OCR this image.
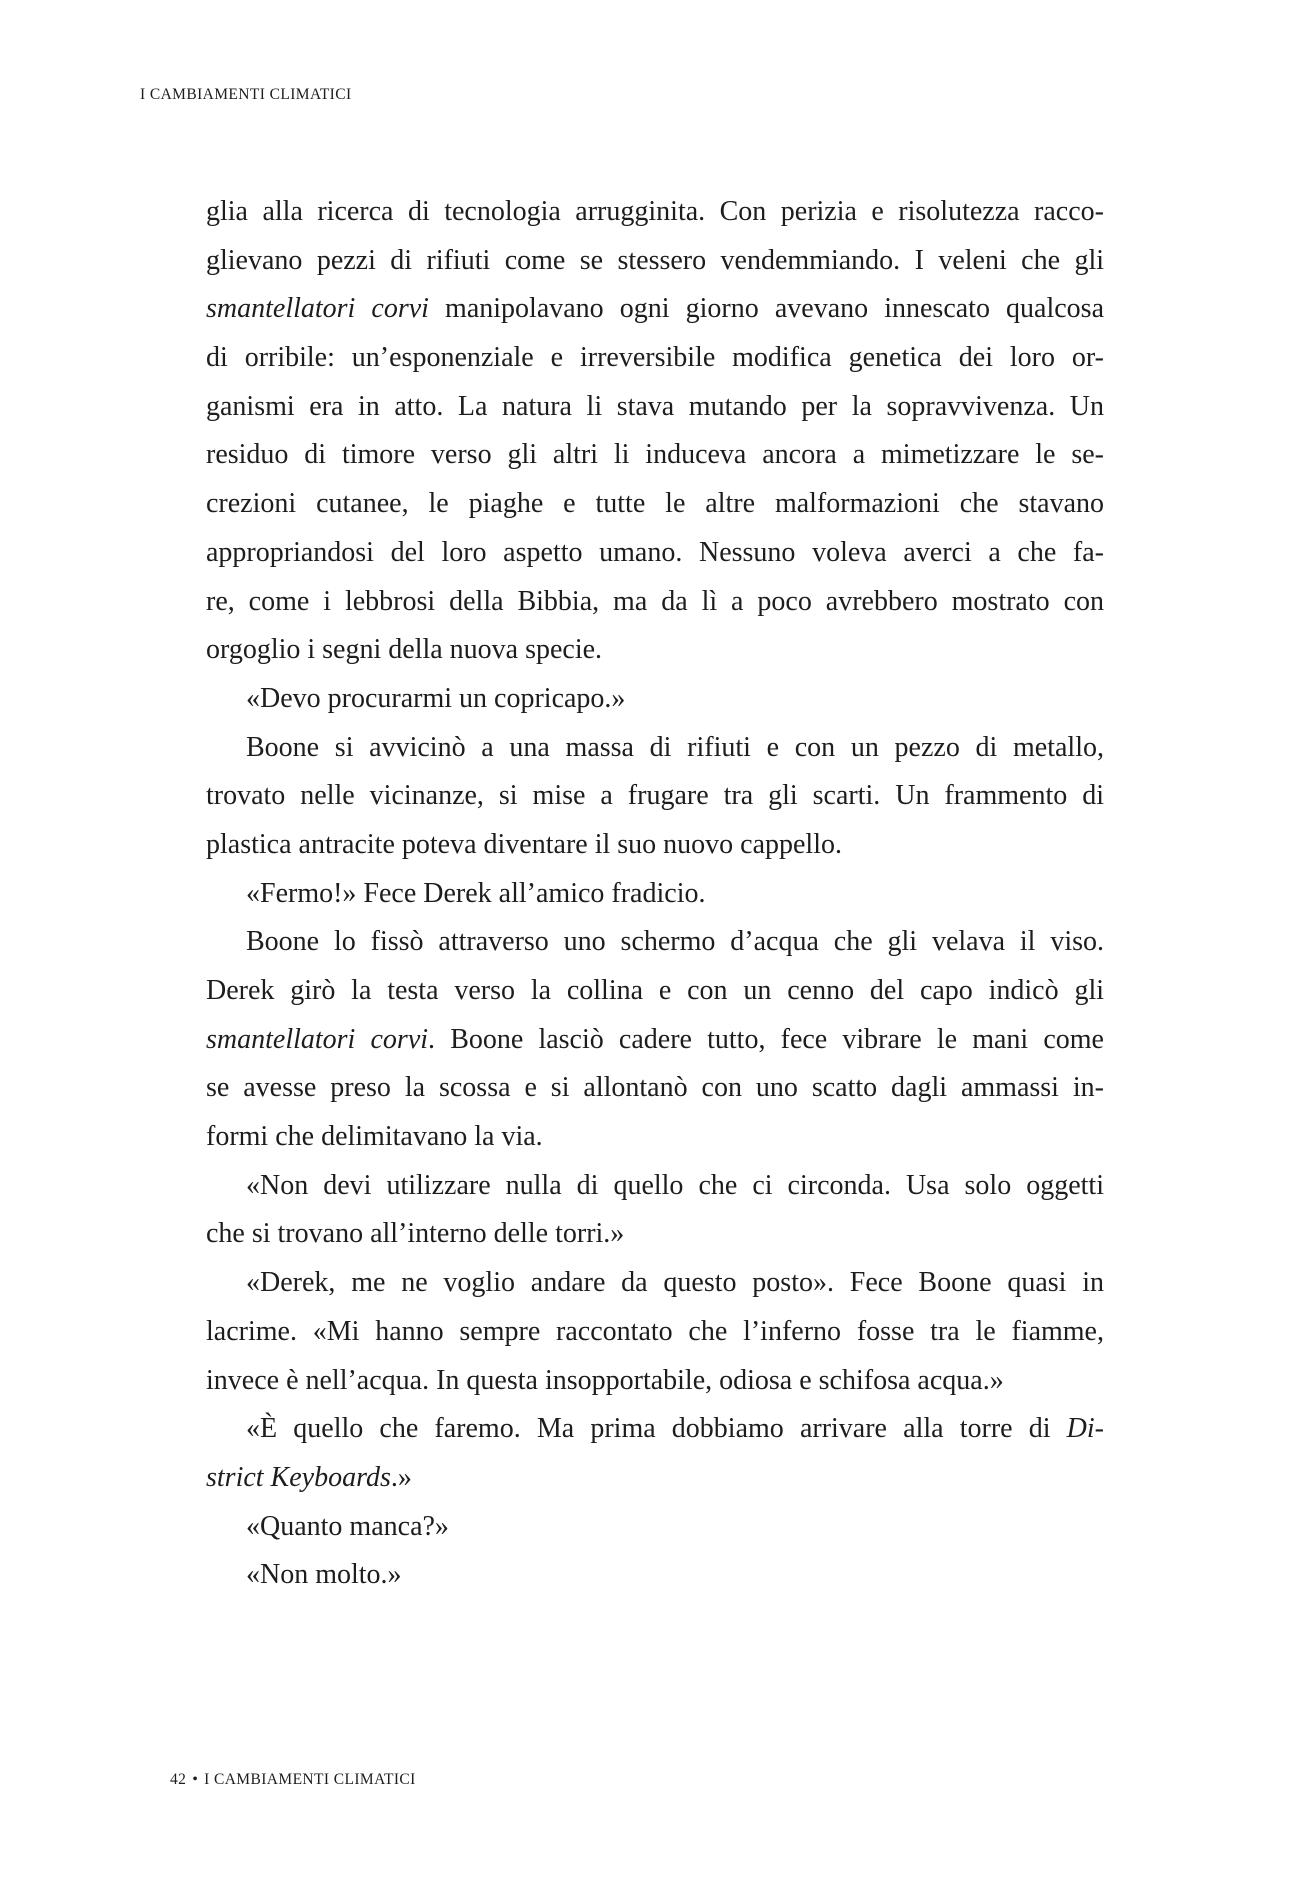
I CAMBIAMENTI CLIMATICI
glia alla ricerca di tecnologia arrugginita. Con perizia e risolutezza racco-
glievano pezzi di rifiuti come se stessero vendemmiando. I veleni che gli
smantellatori corvi manipolavano ogni giorno avevano innescato qualcosa
di orribile: un’esponenziale e irreversibile modifica genetica dei loro or-
ganismi era in atto. La natura li stava mutando per la sopravvivenza. Un
residuo di timore verso gli altri li induceva ancora a mimetizzare le se-
crezioni cutanee, le piaghe e tutte le altre malformazioni che stavano
appropriandosi del loro aspetto umano. Nessuno voleva averci a che fa-
re, come i lebbrosi della Bibbia, ma da lì a poco avrebbero mostrato con
orgoglio i segni della nuova specie.
«Devo procurarmi un copricapo.»
Boone si avvicinò a una massa di rifiuti e con un pezzo di metallo,
trovato nelle vicinanze, si mise a frugare tra gli scarti. Un frammento di
plastica antracite poteva diventare il suo nuovo cappello.
«Fermo!» Fece Derek all’amico fradicio.
Boone lo fissò attraverso uno schermo d’acqua che gli velava il viso.
Derek girò la testa verso la collina e con un cenno del capo indicò gli
smantellatori corvi. Boone lasciò cadere tutto, fece vibrare le mani come
se avesse preso la scossa e si allontanò con uno scatto dagli ammassi in-
formi che delimitavano la via.
«Non devi utilizzare nulla di quello che ci circonda. Usa solo oggetti
che si trovano all’interno delle torri.»
«Derek, me ne voglio andare da questo posto». Fece Boone quasi in
lacrime. «Mi hanno sempre raccontato che l’inferno fosse tra le fiamme,
invece è nell’acqua. In questa insopportabile, odiosa e schifosa acqua.»
«È quello che faremo. Ma prima dobbiamo arrivare alla torre di Di-
strict Keyboards.»
«Quanto manca?»
«Non molto.»
42 • I CAMBIAMENTI CLIMATICI
